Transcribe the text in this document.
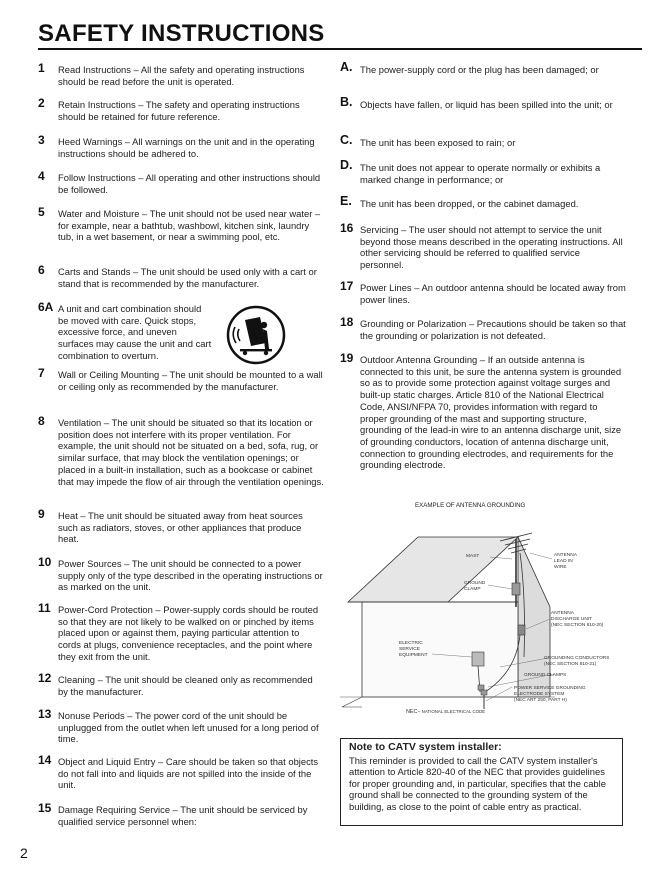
SAFETY INSTRUCTIONS
1 Read Instructions – All the safety and operating instructions should be read before the unit is operated.
2 Retain Instructions – The safety and operating instructions should be retained for future reference.
3 Heed Warnings – All warnings on the unit and in the operating instructions should be adhered to.
4 Follow Instructions – All operating and other instructions should be followed.
5 Water and Moisture – The unit should not be used near water – for example, near a bathtub, washbowl, kitchen sink, laundry tub, in a wet basement, or near a swimming pool, etc.
6 Carts and Stands – The unit should be used only with a cart or stand that is recommended by the manufacturer.
6A A unit and cart combination should be moved with care. Quick stops, excessive force, and uneven surfaces may cause the unit and cart combination to overturn.
7 Wall or Ceiling Mounting – The unit should be mounted to a wall or ceiling only as recommended by the manufacturer.
8 Ventilation – The unit should be situated so that its location or position does not interfere with its proper ventilation. For example, the unit should not be situated on a bed, sofa, rug, or similar surface, that may block the ventilation openings; or placed in a built-in installation, such as a bookcase or cabinet that may impede the flow of air through the ventilation openings.
9 Heat – The unit should be situated away from heat sources such as radiators, stoves, or other appliances that produce heat.
10 Power Sources – The unit should be connected to a power supply only of the type described in the operating instructions or as marked on the unit.
11 Power-Cord Protection – Power-supply cords should be routed so that they are not likely to be walked on or pinched by items placed upon or against them, paying particular attention to cords at plugs, convenience receptacles, and the point where they exit from the unit.
12 Cleaning – The unit should be cleaned only as recommended by the manufacturer.
13 Nonuse Periods – The power cord of the unit should be unplugged from the outlet when left unused for a long period of time.
14 Object and Liquid Entry – Care should be taken so that objects do not fall into and liquids are not spilled into the inside of the unit.
15 Damage Requiring Service – The unit should be serviced by qualified service personnel when:
A. The power-supply cord or the plug has been damaged; or
B. Objects have fallen, or liquid has been spilled into the unit; or
C. The unit has been exposed to rain; or
D. The unit does not appear to operate normally or exhibits a marked change in performance; or
E. The unit has been dropped, or the cabinet damaged.
16 Servicing – The user should not attempt to service the unit beyond those means described in the operating instructions. All other servicing should be referred to qualified service personnel.
17 Power Lines – An outdoor antenna should be located away from power lines.
18 Grounding or Polarization – Precautions should be taken so that the grounding or polarization is not defeated.
19 Outdoor Antenna Grounding – If an outside antenna is connected to this unit, be sure the antenna system is grounded so as to provide some protection against voltage surges and built-up static charges. Article 810 of the National Electrical Code, ANSI/NFPA 70, provides information with regard to proper grounding of the mast and supporting structure, grounding of the lead-in wire to an antenna discharge unit, size of grounding conductors, location of antenna discharge unit, connection to grounding electrodes, and requirements for the grounding electrode.
EXAMPLE OF ANTENNA GROUNDING
MAST	ANTENNA
LEAD IN
WIRE
GROUND
CLAMP
ANTENNA
DISCHARGE UNIT
(NEC SECTION 810-20)
ELECTRIC
SERVICE
EQUIPMENT
GROUNDING CONDUCTORS
(NEC SECTION 810-21)
GROUND CLAMPS
POWER SERVICE GROUNDING
ELECTRODE SYSTEM
(NEC ART 250, PART H)
NEC – NATIONAL ELECTRICAL CODE
Note to CATV system installer:
This reminder is provided to call the CATV system installer's attention to Article 820-40 of the NEC that provides guidelines for proper grounding and, in particular, specifies that the cable ground shall be connected to the grounding system of the building, as close to the point of cable entry as practical.
2
